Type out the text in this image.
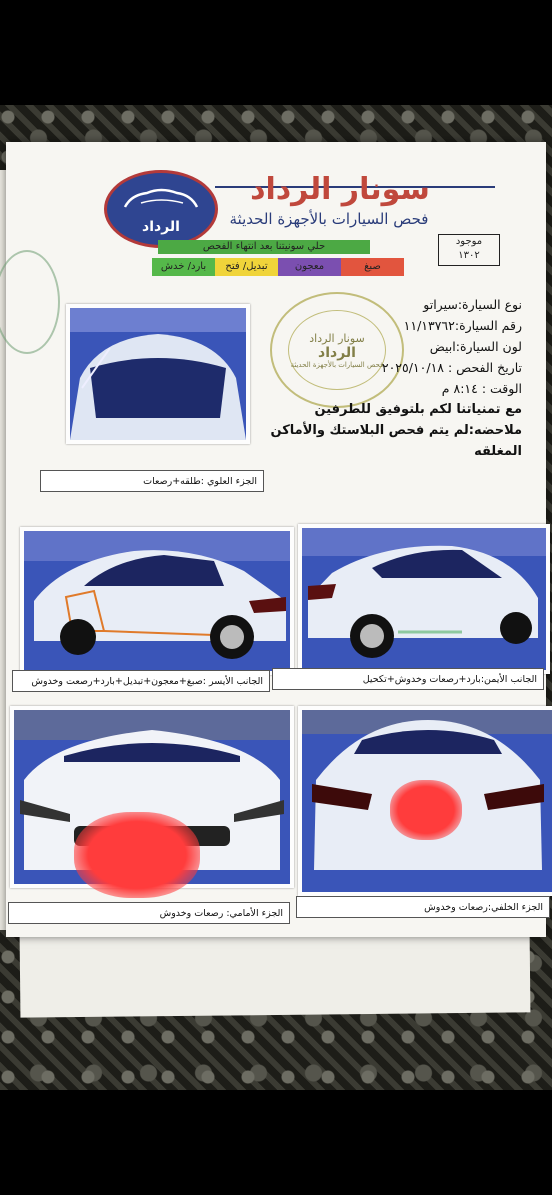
الرداد
سونار الرداد
فحص السيارات بالأجهزة الحديثة
موجود
١٣٠٢
حلي سونيتنا بعد انتهاء الفحص
صبغ
معجون
تبديل/ فتح
بارد/ خدش
سونار الرداد
الرداد
فحص السيارات بالأجهزة الحديثة
نوع السيارة:سيراتو
رقم السيارة:١١/١٣٧٦٢
لون السيارة:ابيض
تاريخ الفحص : ٢٠٢٥/١٠/١٨
الوقت : ٨:١٤ م
مع تمنياتنا لكم بلتوفيق للطرفين
ملاحضه:لم يتم فحص البلاستك والأماكن
المغلقه
الجزء العلوي :طلقه+رصعات
الجانب الأيسر :صبغ+معجون+تبديل+بارد+رصعت وخدوش	الجانب الأيمن:بارد+رصعات وخدوش+تكحيل
الجزء الأمامي: رصعات وخدوش
الجزء الخلفي:رصعات وخدوش
